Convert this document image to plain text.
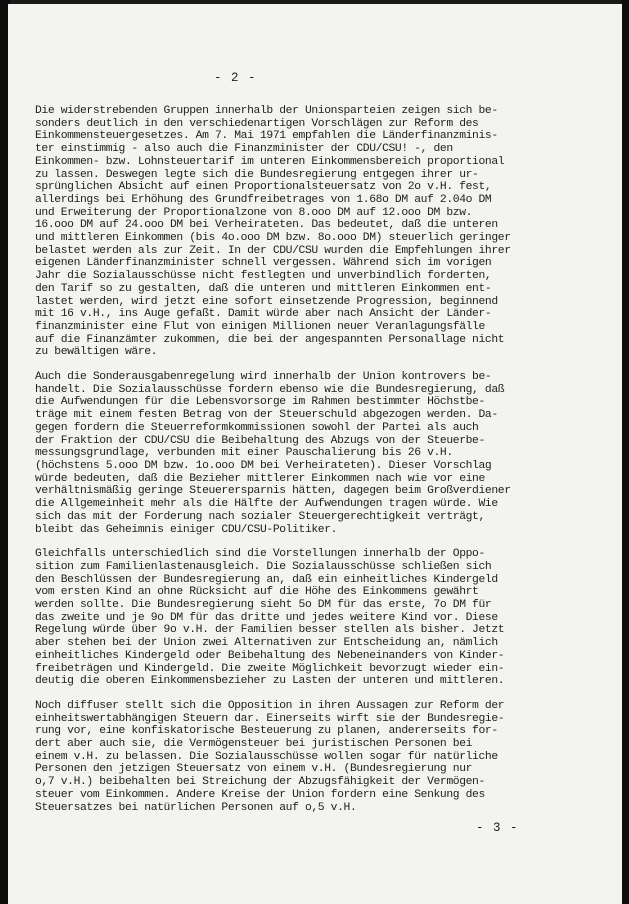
- 2 -
Die widerstrebenden Gruppen innerhalb der Unionsparteien zeigen sich be-
sonders deutlich in den verschiedenartigen Vorschlägen zur Reform des
Einkommensteuergesetzes. Am 7. Mai 1971 empfahlen die Länderfinanzminis-
ter einstimmig - also auch die Finanzminister der CDU/CSU! -, den
Einkommen- bzw. Lohnsteuertarif im unteren Einkommensbereich proportional
zu lassen. Deswegen legte sich die Bundesregierung entgegen ihrer ur-
sprünglichen Absicht auf einen Proportionalsteuersatz von 2o v.H. fest,
allerdings bei Erhöhung des Grundfreibetrages von 1.68o DM auf 2.04o DM
und Erweiterung der Proportionalzone von 8.ooo DM auf 12.ooo DM bzw.
16.ooo DM auf 24.ooo DM bei Verheirateten. Das bedeutet, daß die unteren
und mittleren Einkommen (bis 4o.ooo DM bzw. 8o.ooo DM) steuerlich geringer
belastet werden als zur Zeit. In der CDU/CSU wurden die Empfehlungen ihrer
eigenen Länderfinanzminister schnell vergessen. Während sich im vorigen
Jahr die Sozialausschüsse nicht festlegten und unverbindlich forderten,
den Tarif so zu gestalten, daß die unteren und mittleren Einkommen ent-
lastet werden, wird jetzt eine sofort einsetzende Progression, beginnend
mit 16 v.H., ins Auge gefaßt. Damit würde aber nach Ansicht der Länder-
finanzminister eine Flut von einigen Millionen neuer Veranlagungsfälle
auf die Finanzämter zukommen, die bei der angespannten Personallage nicht
zu bewältigen wäre.
Auch die Sonderausgabenregelung wird innerhalb der Union kontrovers be-
handelt. Die Sozialausschüsse fordern ebenso wie die Bundesregierung, daß
die Aufwendungen für die Lebensvorsorge im Rahmen bestimmter Höchstbe-
träge mit einem festen Betrag von der Steuerschuld abgezogen werden. Da-
gegen fordern die Steuerreformkommissionen sowohl der Partei als auch
der Fraktion der CDU/CSU die Beibehaltung des Abzugs von der Steuerbe-
messungsgrundlage, verbunden mit einer Pauschalierung bis 26 v.H.
(höchstens 5.ooo DM bzw. 1o.ooo DM bei Verheirateten). Dieser Vorschlag
würde bedeuten, daß die Bezieher mittlerer Einkommen nach wie vor eine
verhältnismäßig geringe Steuerersparnis hätten, dagegen beim Großverdiener
die Allgemeinheit mehr als die Hälfte der Aufwendungen tragen würde. Wie
sich das mit der Forderung nach sozialer Steuergerechtigkeit verträgt,
bleibt das Geheimnis einiger CDU/CSU-Politiker.
Gleichfalls unterschiedlich sind die Vorstellungen innerhalb der Oppo-
sition zum Familienlastenausgleich. Die Sozialausschüsse schließen sich
den Beschlüssen der Bundesregierung an, daß ein einheitliches Kindergeld
vom ersten Kind an ohne Rücksicht auf die Höhe des Einkommens gewährt
werden sollte. Die Bundesregierung sieht 5o DM für das erste, 7o DM für
das zweite und je 9o DM für das dritte und jedes weitere Kind vor. Diese
Regelung würde über 9o v.H. der Familien besser stellen als bisher. Jetzt
aber stehen bei der Union zwei Alternativen zur Entscheidung an, nämlich
einheitliches Kindergeld oder Beibehaltung des Nebeneinanders von Kinder-
freibeträgen und Kindergeld. Die zweite Möglichkeit bevorzugt wieder ein-
deutig die oberen Einkommensbezieher zu Lasten der unteren und mittleren.
Noch diffuser stellt sich die Opposition in ihren Aussagen zur Reform der
einheitswertabhängigen Steuern dar. Einerseits wirft sie der Bundesregie-
rung vor, eine konfiskatorische Besteuerung zu planen, andererseits for-
dert aber auch sie, die Vermögensteuer bei juristischen Personen bei
einem v.H. zu belassen. Die Sozialausschüsse wollen sogar für natürliche
Personen den jetzigen Steuersatz von einem v.H. (Bundesregierung nur
o,7 v.H.) beibehalten bei Streichung der Abzugsfähigkeit der Vermögen-
steuer vom Einkommen. Andere Kreise der Union fordern eine Senkung des
Steuersatzes bei natürlichen Personen auf o,5 v.H.
- 3 -
